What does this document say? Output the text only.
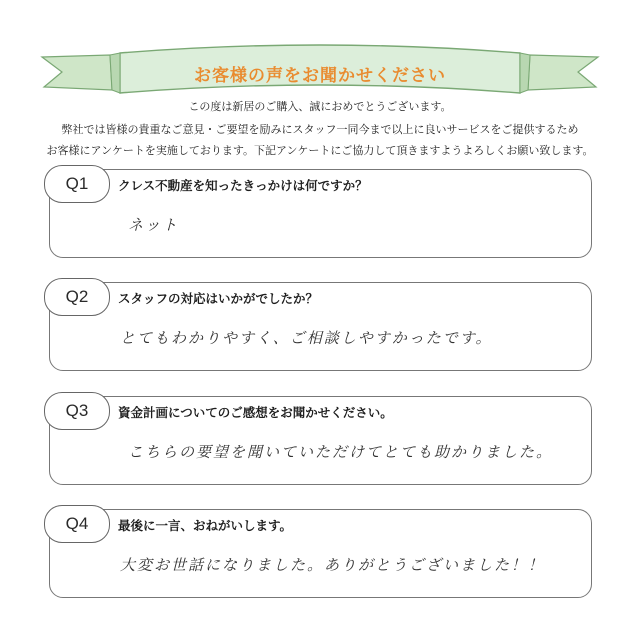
お客様の声をお聞かせください
この度は新居のご購入、誠におめでとうございます。
弊社では皆様の貴重なご意見・ご要望を励みにスタッフ一同今まで以上に良いサービスをご提供するため
お客様にアンケートを実施しております。下記アンケートにご協力して頂きますようよろしくお願い致します。
Q1	クレス不動産を知ったきっかけは何ですか？
ネット
Q2	スタッフの対応はいかがでしたか？
とてもわかりやすく、ご相談しやすかったです。
Q3	資金計画についてのご感想をお聞かせください。
こちらの要望を聞いていただけてとても助かりました。
Q4	最後に一言、おねがいします。
大変お世話になりました。ありがとうございました！！
